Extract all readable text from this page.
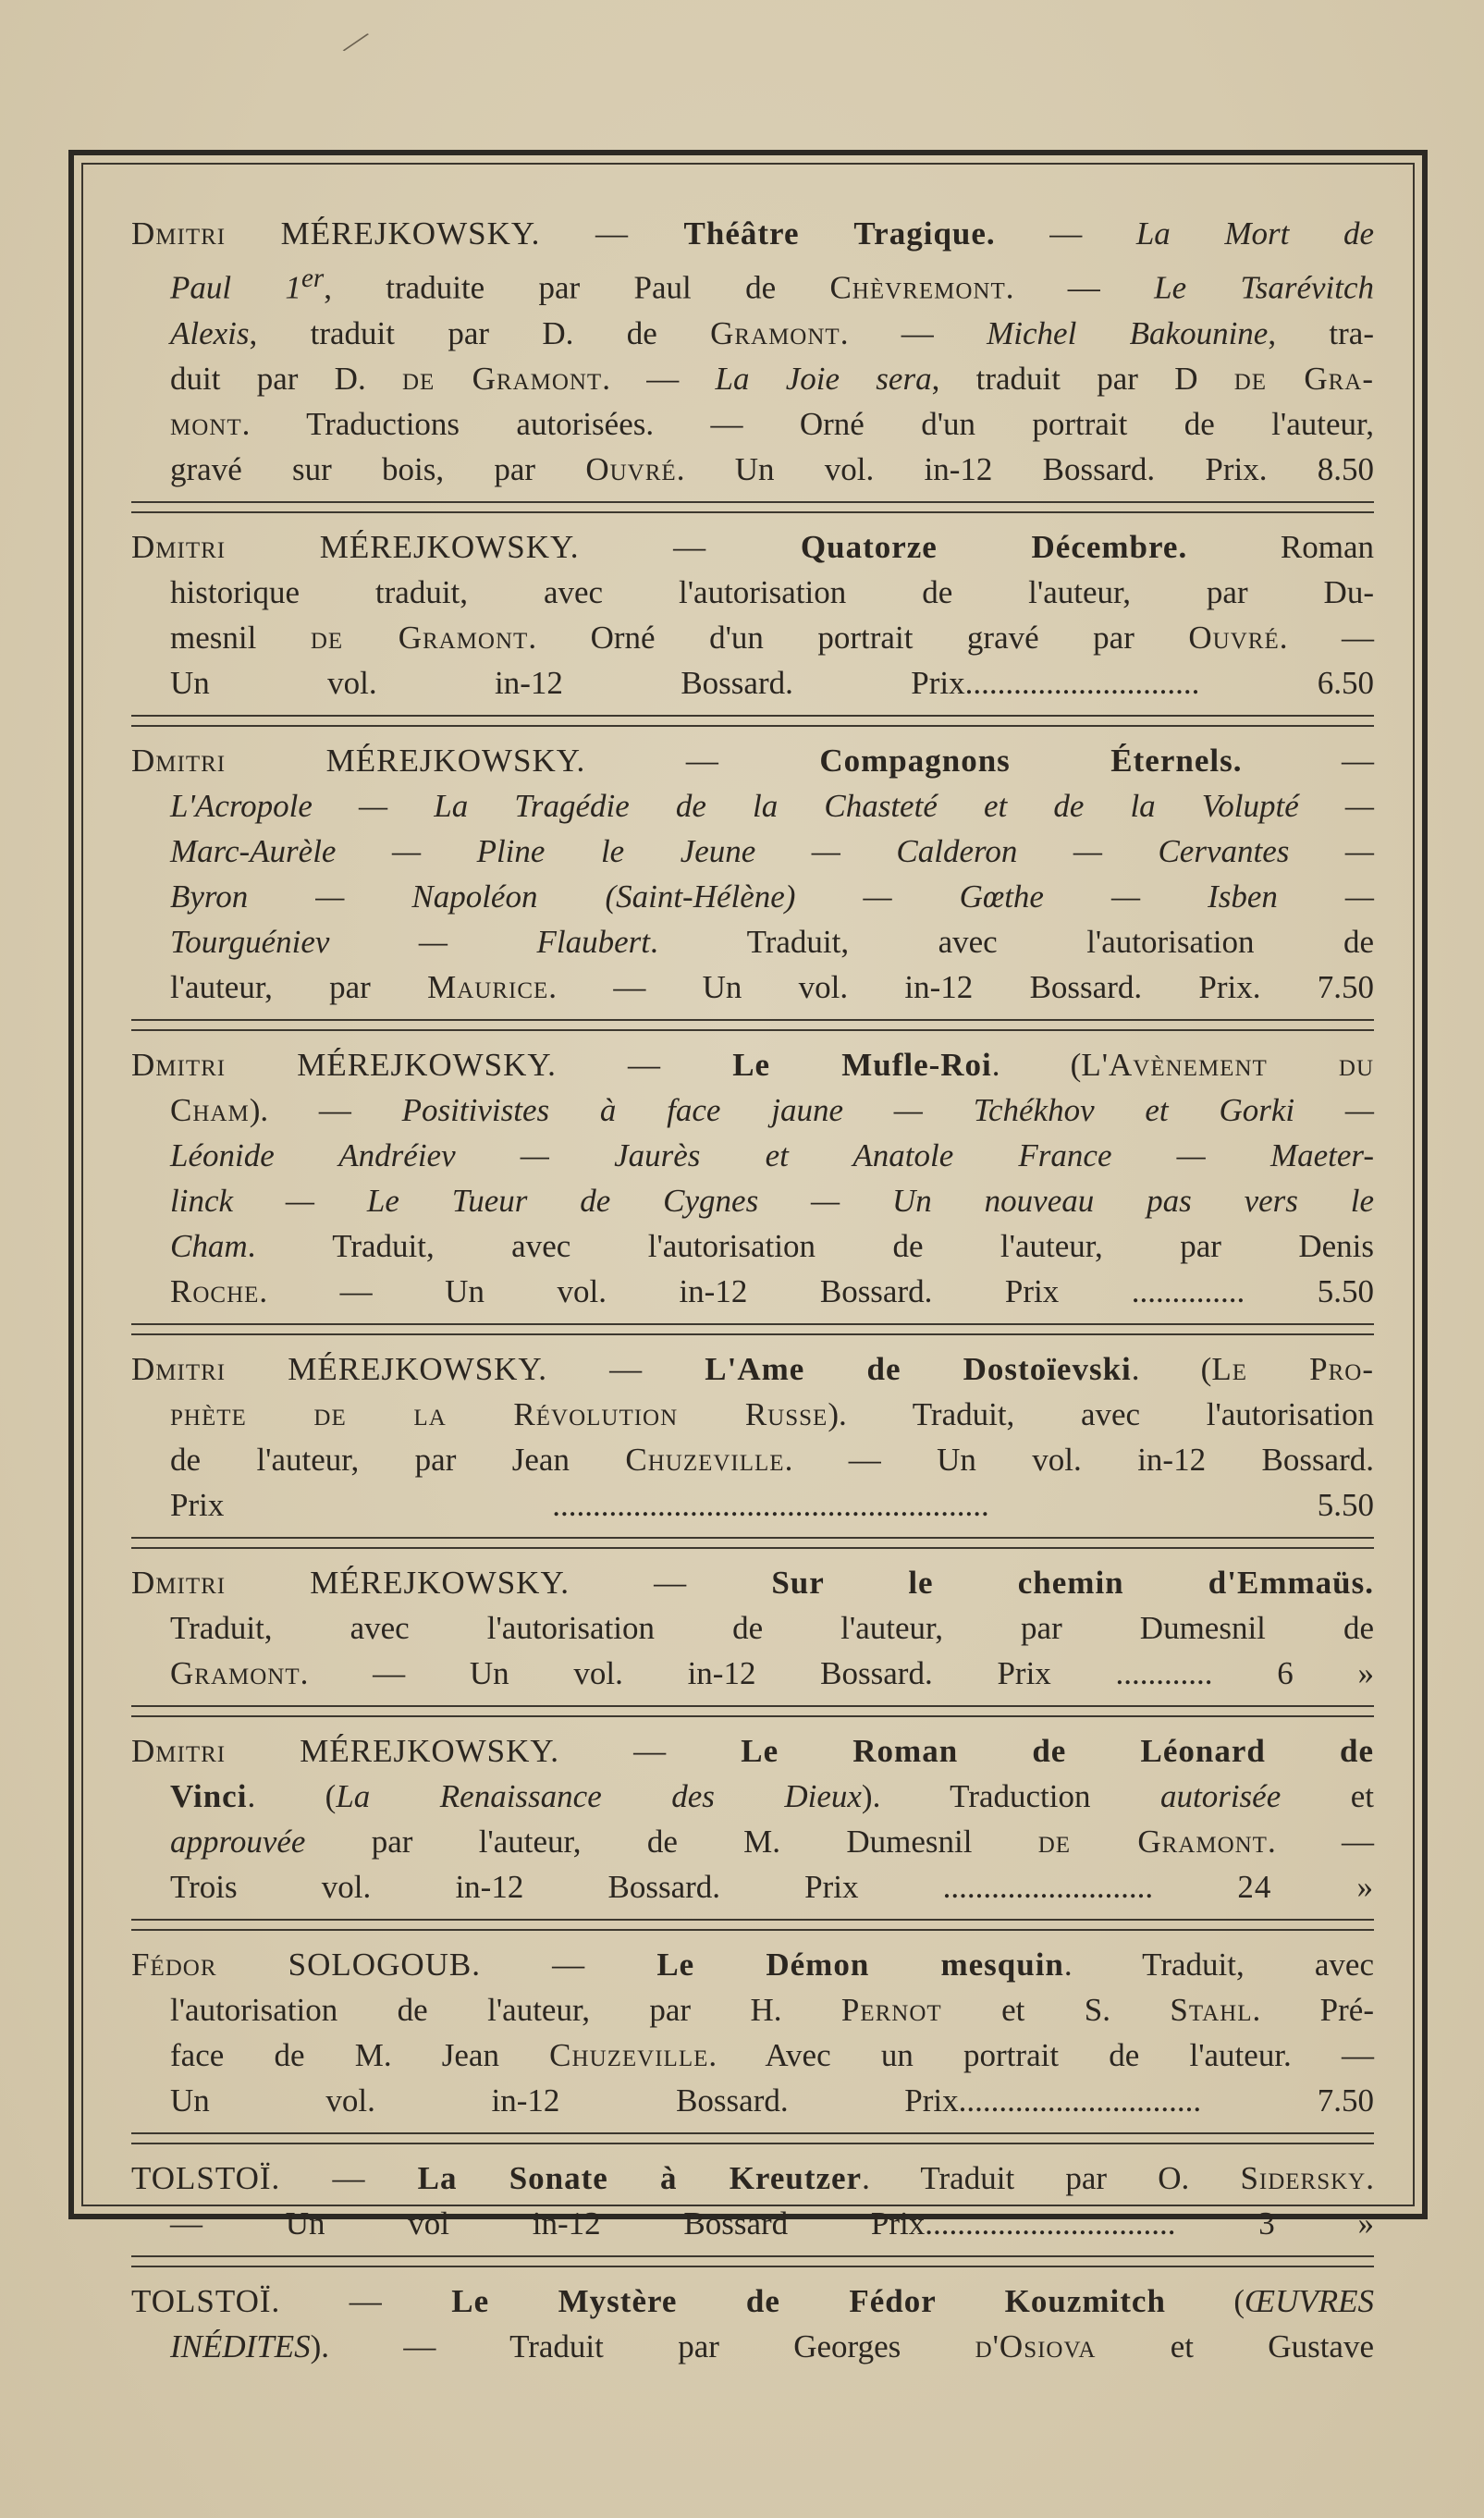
⁄
Dmitri MÉREJKOWSKY. — Théâtre Tragique. — La Mort de
Paul 1er, traduite par Paul de Chèvremont. — Le Tsarévitch
Alexis, traduit par D. de Gramont. — Michel Bakounine, tra-
duit par D. de Gramont. — La Joie sera, traduit par D de Gra-
mont. Traductions autorisées. — Orné d'un portrait de l'auteur,
gravé sur bois, par Ouvré. Un vol. in-12 Bossard. Prix. 8.50
Dmitri MÉREJKOWSKY. — Quatorze Décembre. Roman
historique traduit, avec l'autorisation de l'auteur, par Du-
mesnil de Gramont. Orné d'un portrait gravé par Ouvré. —
Un vol. in-12 Bossard. Prix.............................	6.50
Dmitri MÉREJKOWSKY. — Compagnons Éternels. —
L'Acropole — La Tragédie de la Chasteté et de la Volupté —
Marc-Aurèle — Pline le Jeune — Calderon — Cervantes —
Byron — Napoléon (Saint-Hélène) — Gœthe — Isben —
Tourguéniev — Flaubert. Traduit, avec l'autorisation de
l'auteur, par Maurice. — Un vol. in-12 Bossard. Prix. 7.50
Dmitri MÉREJKOWSKY. — Le Mufle-Roi. (L'Avènement du
Cham). — Positivistes à face jaune — Tchékhov et Gorki —
Léonide Andréiev — Jaurès et Anatole France — Maeter-
linck — Le Tueur de Cygnes — Un nouveau pas vers le
Cham. Traduit, avec l'autorisation de l'auteur, par Denis
Roche. — Un vol. in-12 Bossard. Prix .............. 5.50
Dmitri MÉREJKOWSKY. — L'Ame de Dostoïevski. (Le Pro-
phète de la Révolution Russe). Traduit, avec l'autorisation
de l'auteur, par Jean Chuzeville. — Un vol. in-12 Bossard.
Prix ......................................................	5.50
Dmitri MÉREJKOWSKY. — Sur le chemin d'Emmaüs.
Traduit, avec l'autorisation de l'auteur, par Dumesnil de
Gramont. — Un vol. in-12 Bossard. Prix ............ 6 »
Dmitri MÉREJKOWSKY. — Le Roman de Léonard de
Vinci. (La Renaissance des Dieux). Traduction autorisée et
approuvée par l'auteur, de M. Dumesnil de Gramont. —
Trois vol. in-12 Bossard. Prix ..........................	24 »
Fédor SOLOGOUB. — Le Démon mesquin. Traduit, avec
l'autorisation de l'auteur, par H. Pernot et S. Stahl. Pré-
face de M. Jean Chuzeville. Avec un portrait de l'auteur. —
Un vol. in-12 Bossard. Prix..............................	7.50
TOLSTOÏ. — La Sonate à Kreutzer. Traduit par O. Sidersky.
— Un vol in-12 Bossard Prix...............................	3 »
TOLSTOÏ. — Le Mystère de Fédor Kouzmitch (ŒUVRES
INÉDITES). — Traduit par Georges d'Osiova et Gustave
